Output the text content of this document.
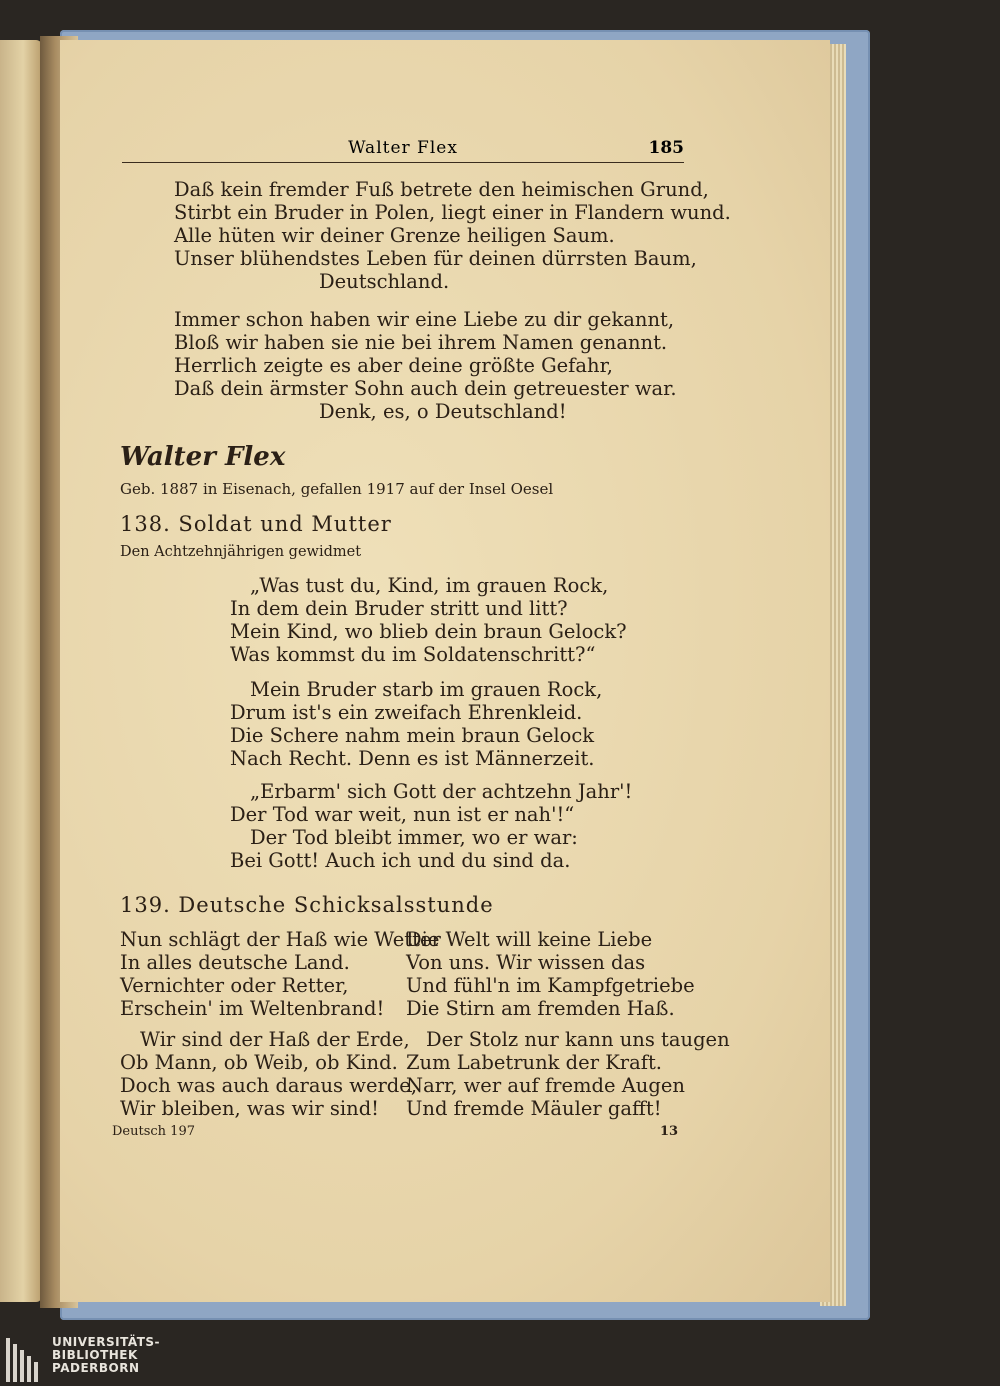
Walter Flex	185
Daß kein fremder Fuß betrete den heimischen Grund,
Stirbt ein Bruder in Polen, liegt einer in Flandern wund.
Alle hüten wir deiner Grenze heiligen Saum.
Unser blühendstes Leben für deinen dürrsten Baum,
Deutschland.
Immer schon haben wir eine Liebe zu dir gekannt,
Bloß wir haben sie nie bei ihrem Namen genannt.
Herrlich zeigte es aber deine größte Gefahr,
Daß dein ärmster Sohn auch dein getreuester war.
Denk, es, o Deutschland!
Walter Flex
Geb. 1887 in Eisenach, gefallen 1917 auf der Insel Oesel
138. Soldat und Mutter
Den Achtzehnjährigen gewidmet
„Was tust du, Kind, im grauen Rock,
In dem dein Bruder stritt und litt?
Mein Kind, wo blieb dein braun Gelock?
Was kommst du im Soldatenschritt?“
Mein Bruder starb im grauen Rock,
Drum ist's ein zweifach Ehrenkleid.
Die Schere nahm mein braun Gelock
Nach Recht. Denn es ist Männerzeit.
„Erbarm' sich Gott der achtzehn Jahr'!
Der Tod war weit, nun ist er nah'!“
Der Tod bleibt immer, wo er war:
Bei Gott! Auch ich und du sind da.
139. Deutsche Schicksalsstunde
Nun schlägt der Haß wie Wetter
In alles deutsche Land.
Vernichter oder Retter,
Erschein' im Weltenbrand!
Wir sind der Haß der Erde,
Ob Mann, ob Weib, ob Kind.
Doch was auch daraus werde,
Wir bleiben, was wir sind!
Die Welt will keine Liebe
Von uns. Wir wissen das
Und fühl'n im Kampfgetriebe
Die Stirn am fremden Haß.
Der Stolz nur kann uns taugen
Zum Labetrunk der Kraft.
Narr, wer auf fremde Augen
Und fremde Mäuler gafft!
Deutsch 197	13
UNIVERSITÄTS-
BIBLIOTHEK
PADERBORN
